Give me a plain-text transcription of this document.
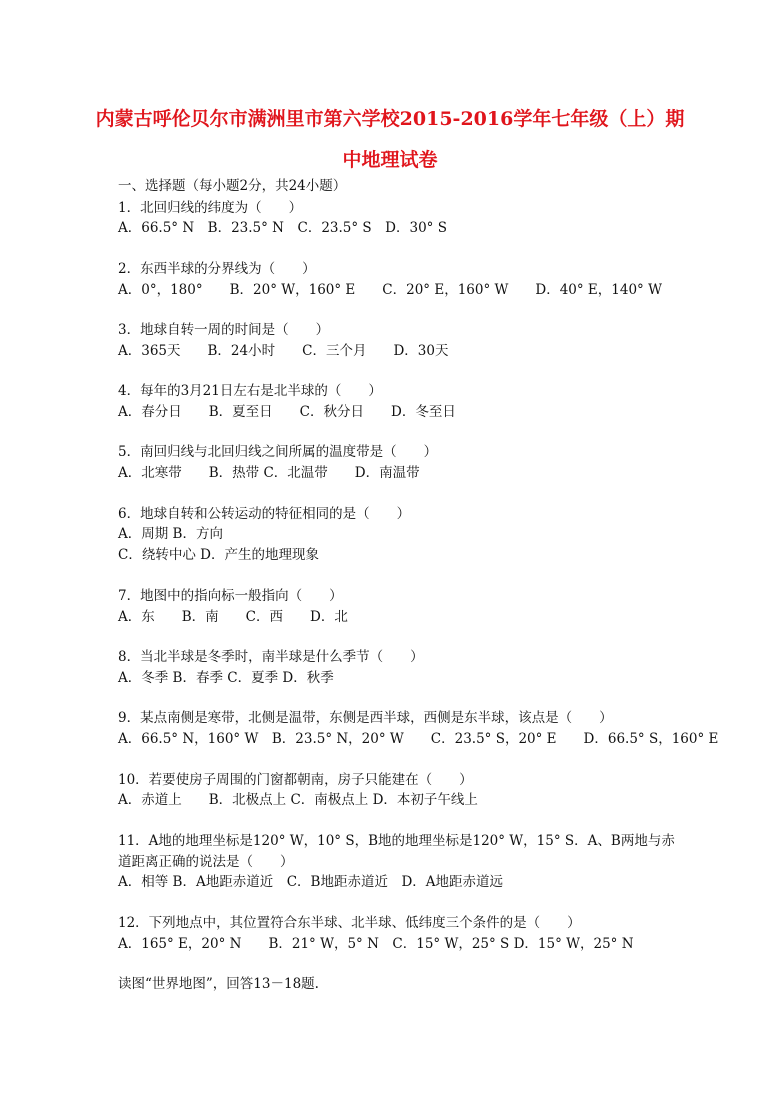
内蒙古呼伦贝尔市满洲里市第六学校2015-2016学年七年级（上）期
中地理试卷
一、选择题（每小题2分，共24小题）
1．北回归线的纬度为（　　）
A．66.5° N　B．23.5° N　C．23.5° S　D．30° S
2．东西半球的分界线为（　　）
A．0°，180°　　B．20° W，160° E　　C．20° E，160° W　　D．40° E，140° W
3．地球自转一周的时间是（　　）
A．365天　　B．24小时　　C．三个月　　D．30天
4．每年的3月21日左右是北半球的（　　）
A．春分日　　B．夏至日　　C．秋分日　　D．冬至日
5．南回归线与北回归线之间所属的温度带是（　　）
A．北寒带　　B．热带 C．北温带　　D．南温带
6．地球自转和公转运动的特征相同的是（　　）
A．周期 B．方向
C．绕转中心 D．产生的地理现象
7．地图中的指向标一般指向（　　）
A．东　　B．南　　C．西　　D．北
8．当北半球是冬季时，南半球是什么季节（　　）
A．冬季 B．春季 C．夏季 D．秋季
9．某点南侧是寒带，北侧是温带，东侧是西半球，西侧是东半球，该点是（　　）
A．66.5° N，160° W　B．23.5° N，20° W　　C．23.5° S，20° E　　D．66.5° S，160° E
10．若要使房子周围的门窗都朝南，房子只能建在（　　）
A．赤道上　　B．北极点上 C．南极点上 D．本初子午线上
11．A地的地理坐标是120° W，10° S，B地的地理坐标是120° W，15° S．A、B两地与赤
道距离正确的说法是（　　）
A．相等 B．A地距赤道近　C．B地距赤道近　D．A地距赤道远
12．下列地点中，其位置符合东半球、北半球、低纬度三个条件的是（　　）
A．165° E，20° N　　B．21° W，5° N　C．15° W，25° S D．15° W，25° N
读图“世界地图”，回答13－18题.
